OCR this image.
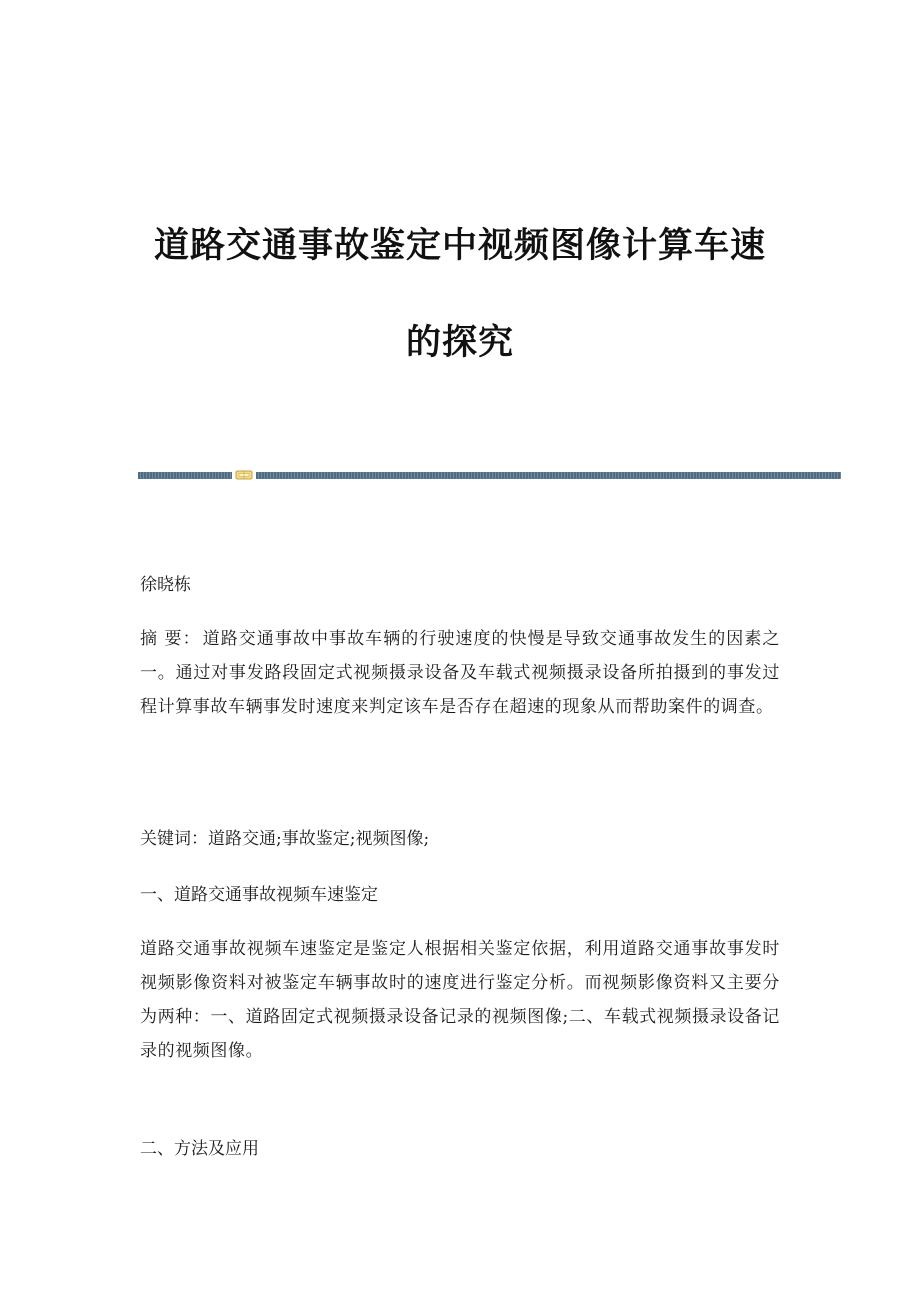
道路交通事故鉴定中视频图像计算车速
的探究

徐晓栋

摘 要： 道路交通事故中事故车辆的行驶速度的快慢是导致交通事故发生的因素之一。通过对事发路段固定式视频摄录设备及车载式视频摄录设备所拍摄到的事发过程计算事故车辆事发时速度来判定该车是否存在超速的现象从而帮助案件的调查。

关键词：道路交通;事故鉴定;视频图像;

一、道路交通事故视频车速鉴定

道路交通事故视频车速鉴定是鉴定人根据相关鉴定依据，利用道路交通事故事发时视频影像资料对被鉴定车辆事故时的速度进行鉴定分析。而视频影像资料又主要分为两种：一、道路固定式视频摄录设备记录的视频图像;二、车载式视频摄录设备记录的视频图像。

二、方法及应用
